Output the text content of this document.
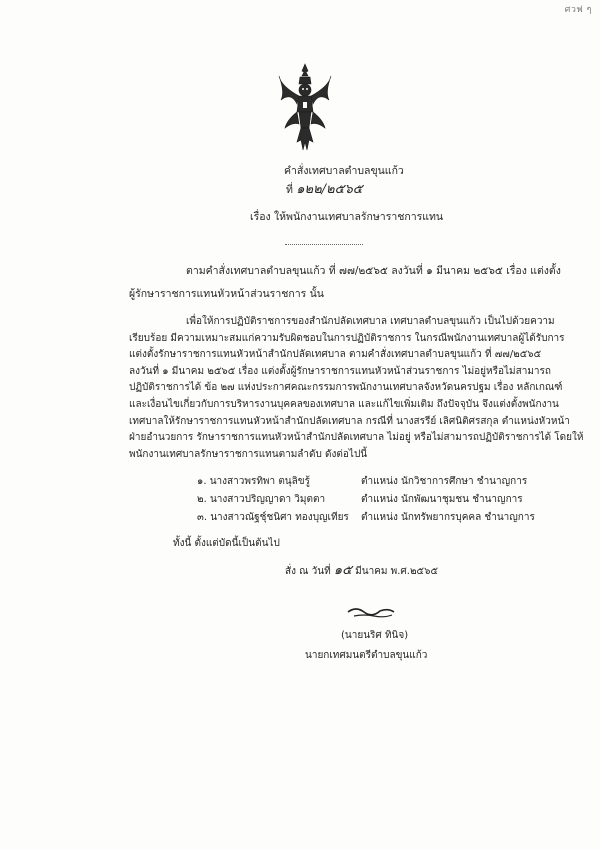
ศวฟ ๆ
คำสั่งเทศบาลตำบลขุนแก้ว
ที่ ๑๒๒/๒๕๖๕
เรื่อง ให้พนักงานเทศบาลรักษาราชการแทน
ตามคำสั่งเทศบาลตำบลขุนแก้ว ที่ ๗๗/๒๕๖๕ ลงวันที่ ๑ มีนาคม ๒๕๖๕ เรื่อง แต่งตั้ง
ผู้รักษาราชการแทนหัวหน้าส่วนราชการ นั้น
เพื่อให้การปฏิบัติราชการของสำนักปลัดเทศบาล เทศบาลตำบลขุนแก้ว เป็นไปด้วยความ
เรียบร้อย มีความเหมาะสมแก่ความรับผิดชอบในการปฏิบัติราชการ ในกรณีพนักงานเทศบาลผู้ได้รับการ
แต่งตั้งรักษาราชการแทนหัวหน้าสำนักปลัดเทศบาล ตามคำสั่งเทศบาลตำบลขุนแก้ว ที่ ๗๗/๒๕๖๕
ลงวันที่ ๑ มีนาคม ๒๕๖๕ เรื่อง แต่งตั้งผู้รักษาราชการแทนหัวหน้าส่วนราชการ ไม่อยู่หรือไม่สามารถ
ปฏิบัติราชการได้ ข้อ ๒๗ แห่งประกาศคณะกรรมการพนักงานเทศบาลจังหวัดนครปฐม เรื่อง หลักเกณฑ์
และเงื่อนไขเกี่ยวกับการบริหารงานบุคคลของเทศบาล และแก้ไขเพิ่มเติม ถึงปัจจุบัน จึงแต่งตั้งพนักงาน
เทศบาลให้รักษาราชการแทนหัวหน้าสำนักปลัดเทศบาล กรณีที่ นางสรรีย์ เลิศนิติศรสกุล ตำแหน่งหัวหน้า
ฝ่ายอำนวยการ รักษาราชการแทนหัวหน้าสำนักปลัดเทศบาล ไม่อยู่ หรือไม่สามารถปฏิบัติราชการได้ โดยให้
พนักงานเทศบาลรักษาราชการแทนตามลำดับ ดังต่อไปนี้
๑. นางสาวพรทิพา ตนุลิขรู้	ตำแหน่ง นักวิชาการศึกษา ชำนาญการ
๒. นางสาวปริญญาดา วิมุตตา	ตำแหน่ง นักพัฒนาชุมชน ชำนาญการ
๓. นางสาวณัฐชุ์ชนิศา ทองบุญเทียร ตำแหน่ง นักทรัพยากรบุคคล ชำนาญการ
ทั้งนี้ ตั้งแต่บัดนี้เป็นต้นไป
สั่ง ณ วันที่ ๑๕ มีนาคม พ.ศ.๒๕๖๕
(นายนริศ ทินิจ)
นายกเทศมนตรีตำบลขุนแก้ว
